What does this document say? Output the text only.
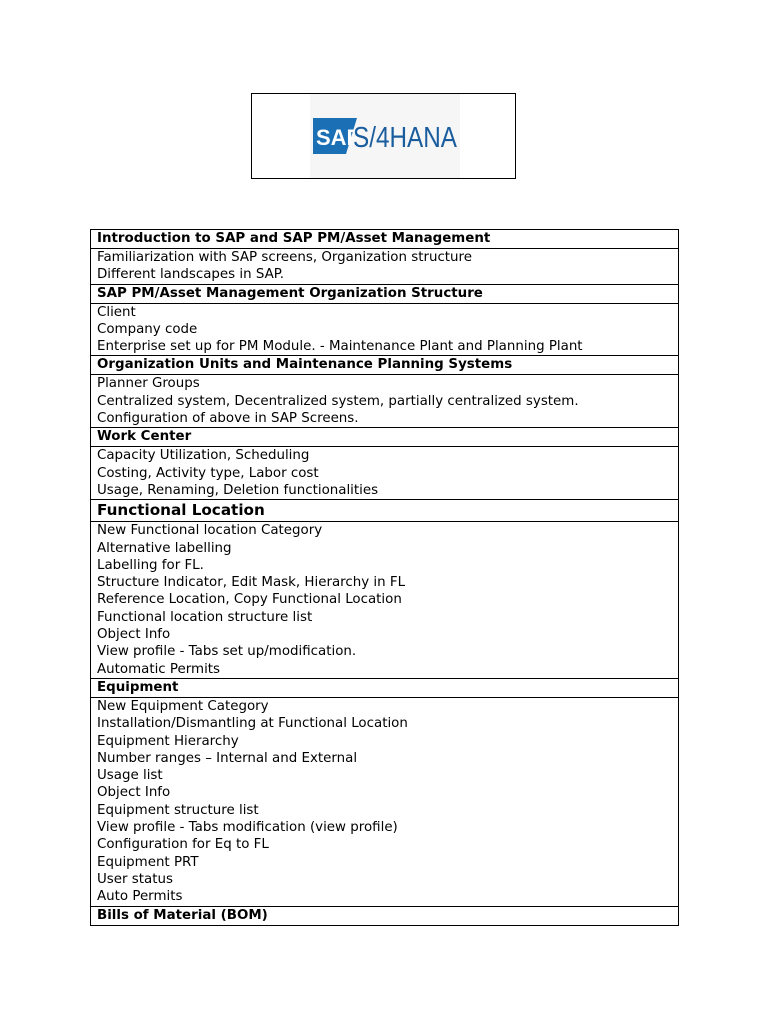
SAP
S/4HANA
Introduction to SAP and SAP PM/Asset Management

Familiarization with SAP screens, Organization structure
Different landscapes in SAP.

SAP PM/Asset Management Organization Structure

Client
Company code
Enterprise set up for PM Module. - Maintenance Plant and Planning Plant

Organization Units and Maintenance Planning Systems

Planner Groups
Centralized system, Decentralized system, partially centralized system.
Configuration of above in SAP Screens.

Work Center

Capacity Utilization, Scheduling
Costing, Activity type, Labor cost
Usage, Renaming, Deletion functionalities

Functional Location

New Functional location Category
Alternative labelling
Labelling for FL.
Structure Indicator, Edit Mask, Hierarchy in FL
Reference Location, Copy Functional Location
Functional location structure list
Object Info
View profile - Tabs set up/modification.
Automatic Permits

Equipment

New Equipment Category
Installation/Dismantling at Functional Location
Equipment Hierarchy
Number ranges – Internal and External
Usage list
Object Info
Equipment structure list
View profile - Tabs modification (view profile)
Configuration for Eq to FL
Equipment PRT
User status
Auto Permits

Bills of Material (BOM)
